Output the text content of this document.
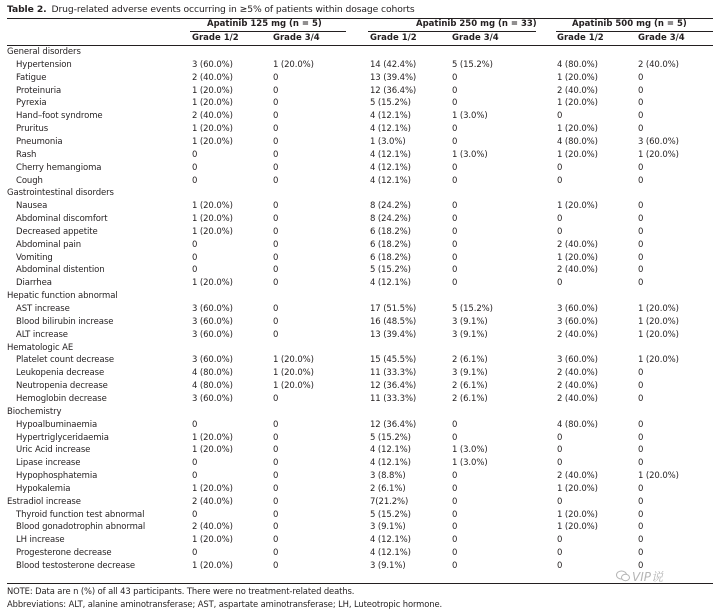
Table 2. Drug-related adverse events occurring in ≥5% of patients within dosage cohorts
Apatinib 125 mg (n = 5)	Apatinib 250 mg (n = 33)	Apatinib 500 mg (n = 5)
Grade 1/2	Grade 3/4	Grade 1/2	Grade 3/4	Grade 1/2	Grade 3/4
General disorders
Hypertension	3 (60.0%)	1 (20.0%)	14 (42.4%)	5 (15.2%)	4 (80.0%)	2 (40.0%)
Fatigue	2 (40.0%)	0	13 (39.4%)	0	1 (20.0%)	0
Proteinuria	1 (20.0%)	0	12 (36.4%)	0	2 (40.0%)	0
Pyrexia	1 (20.0%)	0	5 (15.2%)	0	1 (20.0%)	0
Hand–foot syndrome	2 (40.0%)	0	4 (12.1%)	1 (3.0%)	0	0
Pruritus	1 (20.0%)	0	4 (12.1%)	0	1 (20.0%)	0
Pneumonia	1 (20.0%)	0	1 (3.0%)	0	4 (80.0%)	3 (60.0%)
Rash	0	0	4 (12.1%)	1 (3.0%)	1 (20.0%)	1 (20.0%)
Cherry hemangioma	0	0	4 (12.1%)	0	0	0
Cough	0	0	4 (12.1%)	0	0	0
Gastrointestinal disorders
Nausea	1 (20.0%)	0	8 (24.2%)	0	1 (20.0%)	0
Abdominal discomfort	1 (20.0%)	0	8 (24.2%)	0	0	0
Decreased appetite	1 (20.0%)	0	6 (18.2%)	0	0	0
Abdominal pain	0	0	6 (18.2%)	0	2 (40.0%)	0
Vomiting	0	0	6 (18.2%)	0	1 (20.0%)	0
Abdominal distention	0	0	5 (15.2%)	0	2 (40.0%)	0
Diarrhea	1 (20.0%)	0	4 (12.1%)	0	0	0
Hepatic function abnormal
AST increase	3 (60.0%)	0	17 (51.5%)	5 (15.2%)	3 (60.0%)	1 (20.0%)
Blood bilirubin increase	3 (60.0%)	0	16 (48.5%)	3 (9.1%)	3 (60.0%)	1 (20.0%)
ALT increase	3 (60.0%)	0	13 (39.4%)	3 (9.1%)	2 (40.0%)	1 (20.0%)
Hematologic AE
Platelet count decrease	3 (60.0%)	1 (20.0%)	15 (45.5%)	2 (6.1%)	3 (60.0%)	1 (20.0%)
Leukopenia decrease	4 (80.0%)	1 (20.0%)	11 (33.3%)	3 (9.1%)	2 (40.0%)	0
Neutropenia decrease	4 (80.0%)	1 (20.0%)	12 (36.4%)	2 (6.1%)	2 (40.0%)	0
Hemoglobin decrease	3 (60.0%)	0	11 (33.3%)	2 (6.1%)	2 (40.0%)	0
Biochemistry
Hypoalbuminaemia	0	0	12 (36.4%)	0	4 (80.0%)	0
Hypertriglyceridaemia	1 (20.0%)	0	5 (15.2%)	0	0	0
Uric Acid increase	1 (20.0%)	0	4 (12.1%)	1 (3.0%)	0	0
Lipase increase	0	0	4 (12.1%)	1 (3.0%)	0	0
Hypophosphatemia	0	0	3 (8.8%)	0	2 (40.0%)	1 (20.0%)
Hypokalemia	1 (20.0%)	0	2 (6.1%)	0	1 (20.0%)	0
Estradiol increase	2 (40.0%)	0	7(21.2%)	0	0	0
Thyroid function test abnormal	0	0	5 (15.2%)	0	1 (20.0%)	0
Blood gonadotrophin abnormal	2 (40.0%)	0	3 (9.1%)	0	1 (20.0%)	0
LH increase	1 (20.0%)	0	4 (12.1%)	0	0	0
Progesterone decrease	0	0	4 (12.1%)	0	0	0
Blood testosterone decrease	1 (20.0%)	0	3 (9.1%)	0	0	0
NOTE: Data are n (%) of all 43 participants. There were no treatment-related deaths.
Abbreviations: ALT, alanine aminotransferase; AST, aspartate aminotransferase; LH, Luteotropic hormone.
VIP说
